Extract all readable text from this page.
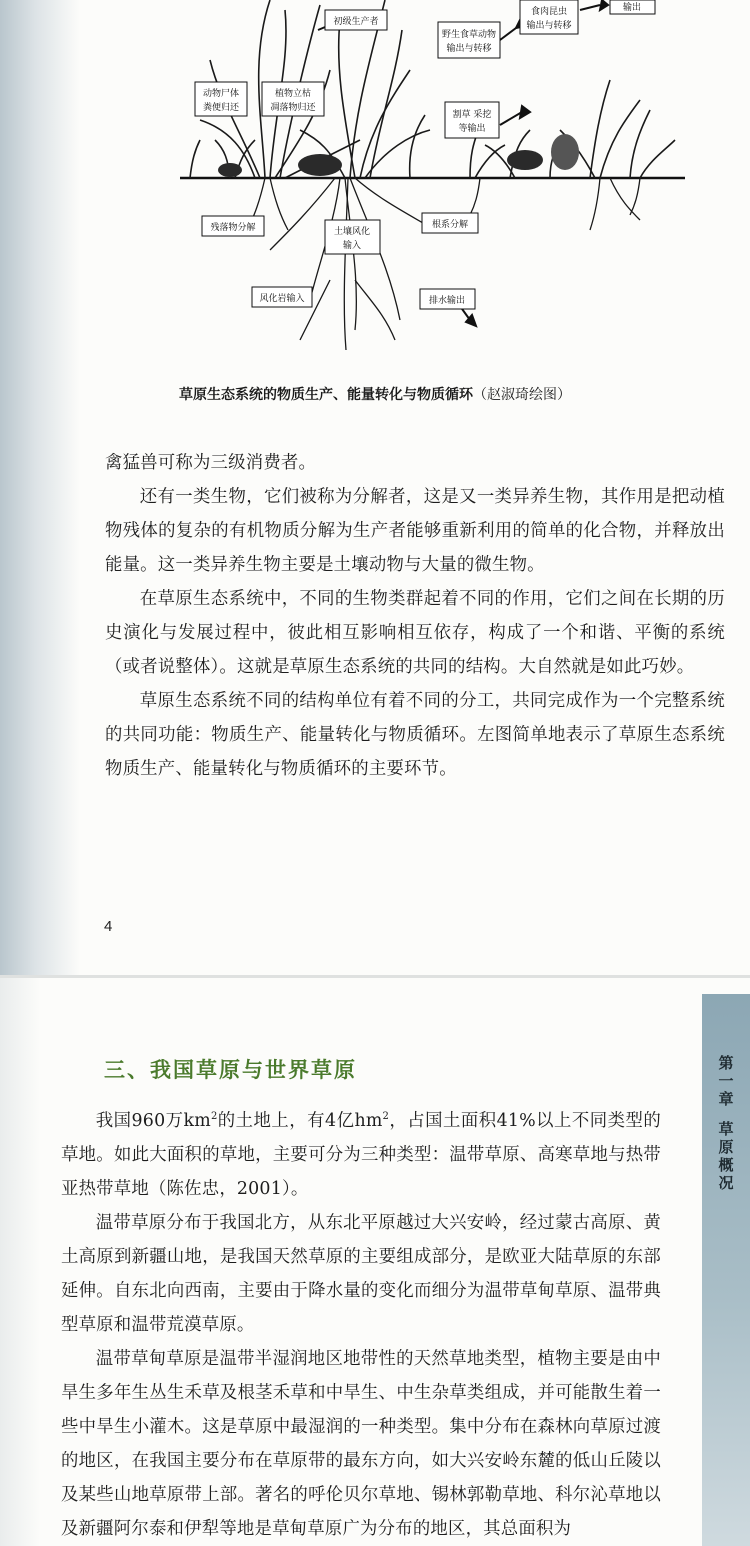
初级生产者
食肉昆虫
输出与转移
输出
野生食草动物
输出与转移
动物尸体
粪便归还
植物立枯
凋落物归还
割草 采挖
等输出
残落物分解	土壤风化
输入
根系分解
风化岩输入	排水输出
草原生态系统的物质生产、能量转化与物质循环（赵淑琦绘图）

禽猛兽可称为三级消费者。

还有一类生物，它们被称为分解者，这是又一类异养生物，其作用是把动植物残体的复杂的有机物质分解为生产者能够重新利用的简单的化合物，并释放出能量。这一类异养生物主要是土壤动物与大量的微生物。

在草原生态系统中，不同的生物类群起着不同的作用，它们之间在长期的历史演化与发展过程中，彼此相互影响相互依存，构成了一个和谐、平衡的系统（或者说整体）。这就是草原生态系统的共同的结构。大自然就是如此巧妙。

草原生态系统不同的结构单位有着不同的分工，共同完成作为一个完整系统的共同功能：物质生产、能量转化与物质循环。左图简单地表示了草原生态系统物质生产、能量转化与物质循环的主要环节。

4
第
一
章
草
原
概
况
三、我国草原与世界草原

我国960万$km^2$的土地上，有4亿$hm^2$，占国土面积41%以上不同类型的草地。如此大面积的草地，主要可分为三种类型：温带草原、高寒草地与热带亚热带草地（陈佐忠，2001）。

温带草原分布于我国北方，从东北平原越过大兴安岭，经过蒙古高原、黄土高原到新疆山地，是我国天然草原的主要组成部分，是欧亚大陆草原的东部延伸。自东北向西南，主要由于降水量的变化而细分为温带草甸草原、温带典型草原和温带荒漠草原。

温带草甸草原是温带半湿润地区地带性的天然草地类型，植物主要是由中旱生多年生丛生禾草及根茎禾草和中旱生、中生杂草类组成，并可能散生着一些中旱生小灌木。这是草原中最湿润的一种类型。集中分布在森林向草原过渡的地区，在我国主要分布在草原带的最东方向，如大兴安岭东麓的低山丘陵以及某些山地草原带上部。著名的呼伦贝尔草地、锡林郭勒草地、科尔沁草地以及新疆阿尔泰和伊犁等地是草甸草原广为分布的地区，其总面积为
